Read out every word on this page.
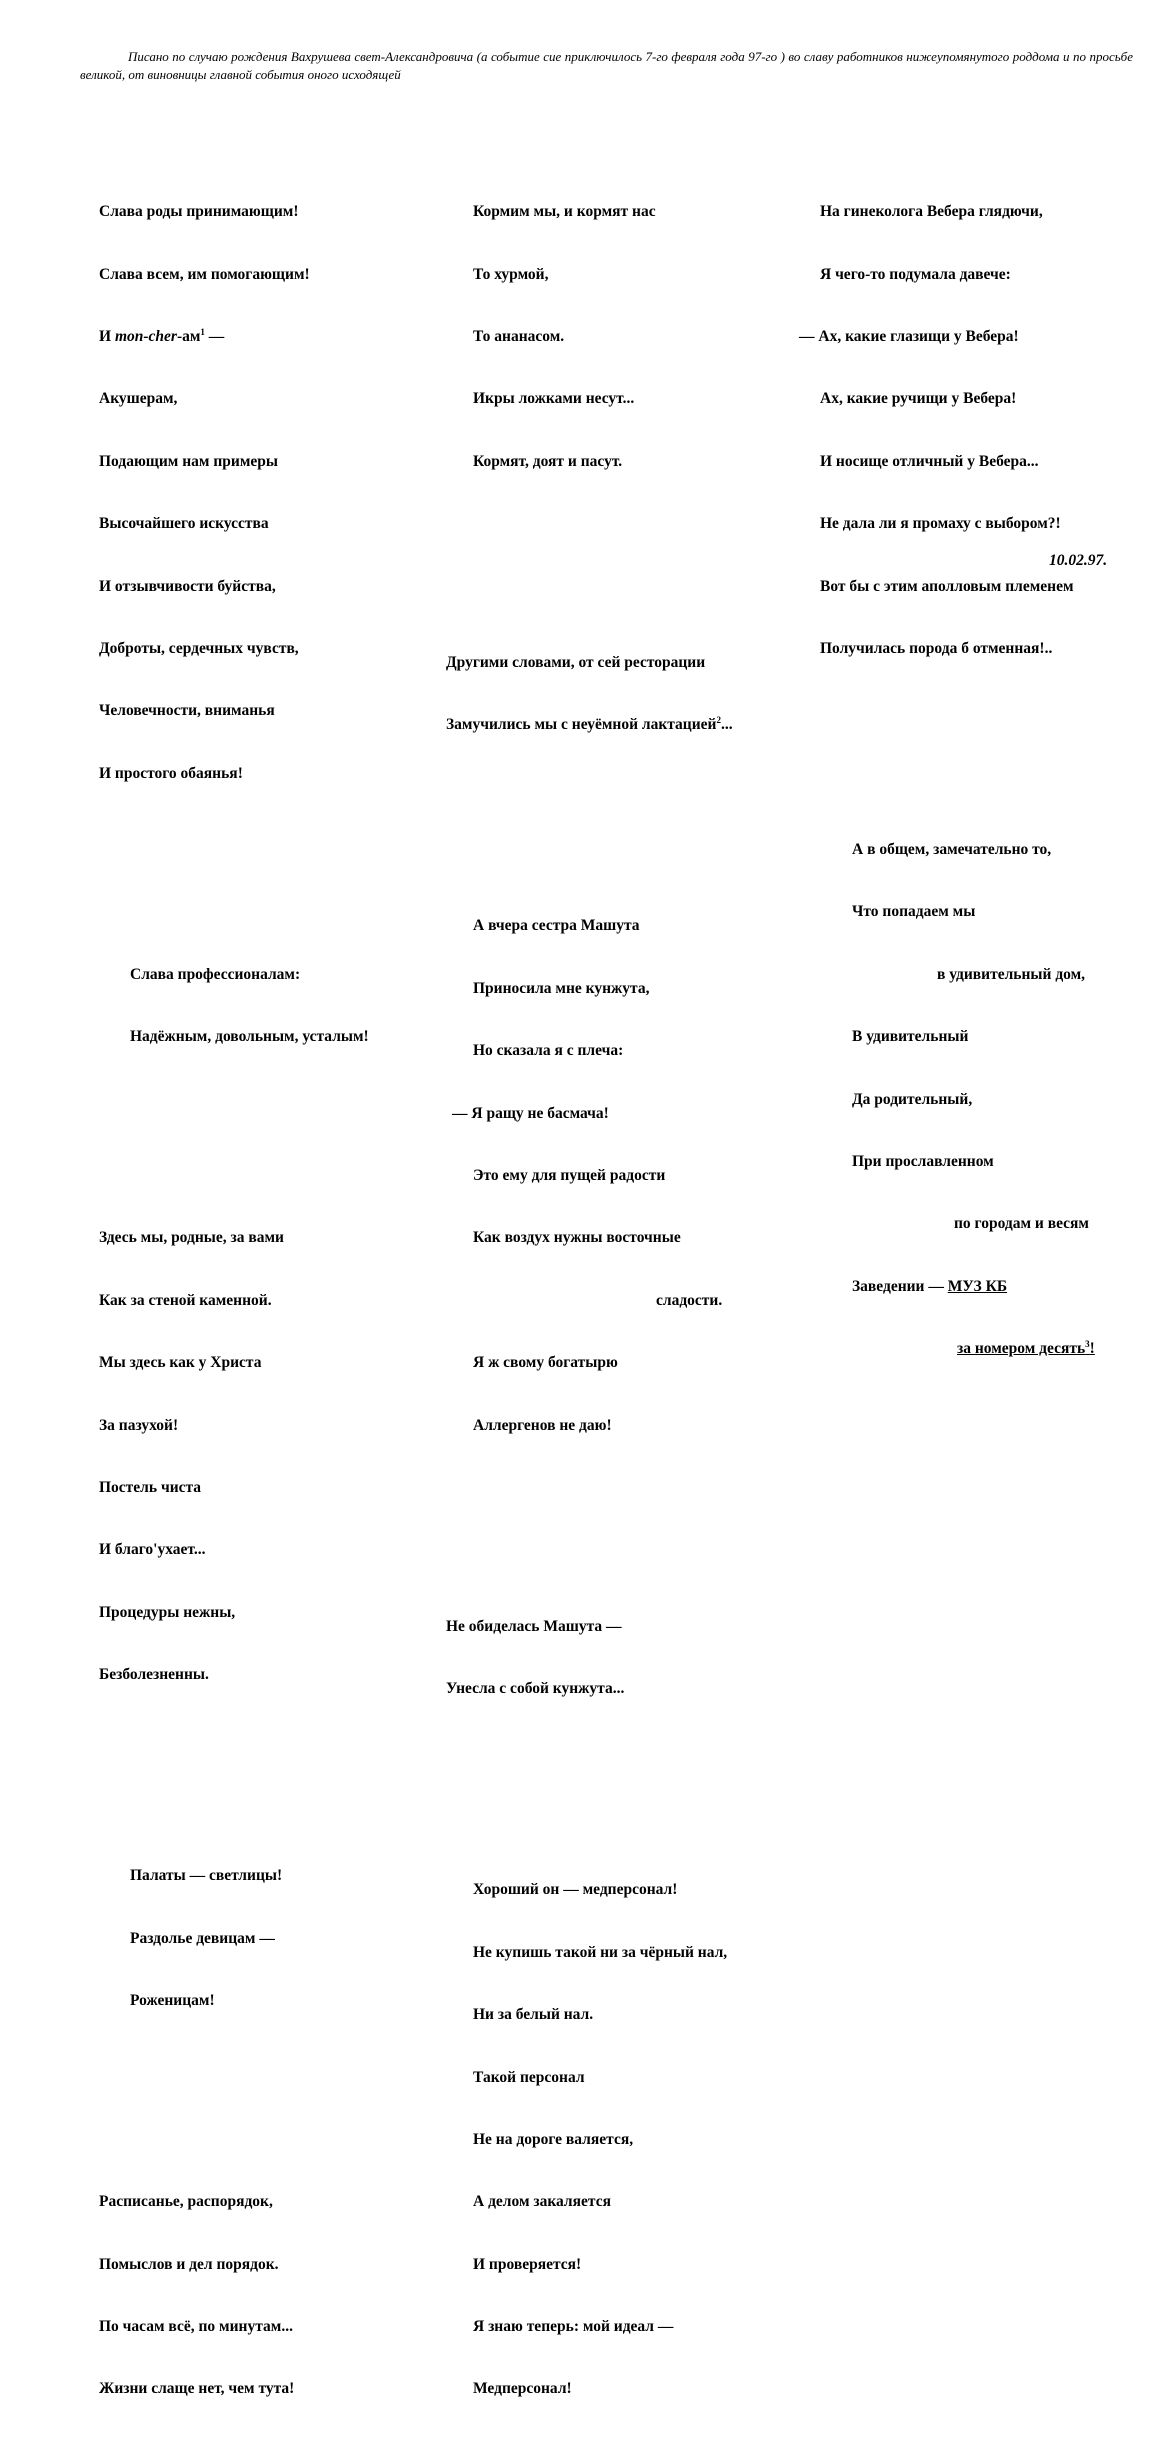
Писано по случаю рождения Вахрушева свет-Александровича (а событие сие приключилось 7-го февраля года 97-го ) во славу работников нижеупомянутого роддома и по просьбе великой, от виновницы главной события оного исходящей

Слава роды принимающим!

Слава всем, им помогающим!

И mon-$cher-ам^1$ —

Акушерам,

Подающим нам примеры

Высочайшего искусства

И отзывчивости буйства,

Доброты, сердечных чувств,

Человечности, вниманья

И простого обаянья!

Слава профессионалам:

Надёжным, довольным, усталым!

Здесь мы, родные, за вами

Как за стеной каменной.

Мы здесь как у Христа

За пазухой!

Постель чиста

И благо'ухает...

Процедуры нежны,

Безболезненны.

Палаты — светлицы!

Раздолье девицам —

Роженицам!

Расписанье, распорядок,

Помыслов и дел порядок.

По часам всё, по минутам...

Жизни слаще нет, чем тута!

Кормим мы, и кормят нас

То хурмой,

То ананасом.

Икры ложками несут...

Кормят, доят и пасут.

Другими словами, от сей ресторации

Замучились мы с неуёмной лактацией$^2$...

А вчера сестра Машута

Приносила мне кунжута,

Но сказала я с плеча:

— Я ращу не басмача!

Это ему для пущей радости

Как воздух нужны восточные

сладости.

Я ж свому богатырю

Аллергенов не даю!

Не обиделась Машута —

Унесла с собой кунжута...

Хороший он — медперсонал!

Не купишь такой ни за чёрный нал,

Ни за белый нал.

Такой персонал

Не на дороге валяется,

А делом закаляется

И проверяется!

Я знаю теперь: мой идеал —

Медперсонал!

На гинеколога Вебера глядючи,

Я чего-то подумала давече:

— Ах, какие глазищи у Вебера!

Ах, какие ручищи у Вебера!

И носище отличный у Вебера...

Не дала ли я промаху с выбором?!

Вот бы с этим аполловым племенем

Получилась порода б отменная!..

А в общем, замечательно то,

Что попадаем мы

в удивительный дом,

В удивительный

Да родительный,

При прославленном

по городам и весям

Заведении — МУЗ КБ

за номером десять$^3$!

10.02.97.
